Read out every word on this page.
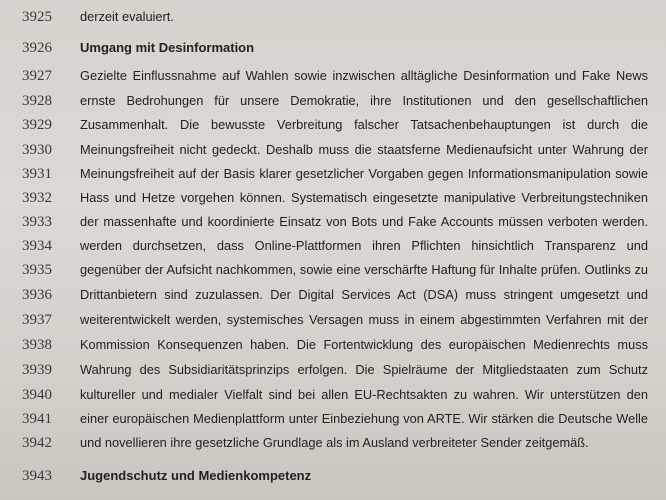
3925	derzeit evaluiert.
3926	Umgang mit Desinformation
3927	Gezielte Einflussnahme auf Wahlen sowie inzwischen alltägliche Desinformation und Fake News
3928	ernste Bedrohungen für unsere Demokratie, ihre Institutionen und den gesellschaftlichen
3929	Zusammenhalt. Die bewusste Verbreitung falscher Tatsachenbehauptungen ist durch die
3930	Meinungsfreiheit nicht gedeckt. Deshalb muss die staatsferne Medienaufsicht unter Wahrung der
3931	Meinungsfreiheit auf der Basis klarer gesetzlicher Vorgaben gegen Informationsmanipulation sowie
3932	Hass und Hetze vorgehen können. Systematisch eingesetzte manipulative Verbreitungstechniken
3933	der massenhafte und koordinierte Einsatz von Bots und Fake Accounts müssen verboten werden.
3934	werden durchsetzen, dass Online-Plattformen ihren Pflichten hinsichtlich Transparenz und
3935	gegenüber der Aufsicht nachkommen, sowie eine verschärfte Haftung für Inhalte prüfen. Outlinks zu
3936	Drittanbietern sind zuzulassen. Der Digital Services Act (DSA) muss stringent umgesetzt und
3937	weiterentwickelt werden, systemisches Versagen muss in einem abgestimmten Verfahren mit der
3938	Kommission Konsequenzen haben. Die Fortentwicklung des europäischen Medienrechts muss
3939	Wahrung des Subsidiaritätsprinzips erfolgen. Die Spielräume der Mitgliedstaaten zum Schutz
3940	kultureller und medialer Vielfalt sind bei allen EU-Rechtsakten zu wahren. Wir unterstützen den
3941	einer europäischen Medienplattform unter Einbeziehung von ARTE. Wir stärken die Deutsche Welle
3942	und novellieren ihre gesetzliche Grundlage als im Ausland verbreiteter Sender zeitgemäß.
3943	Jugendschutz und Medienkompetenz
